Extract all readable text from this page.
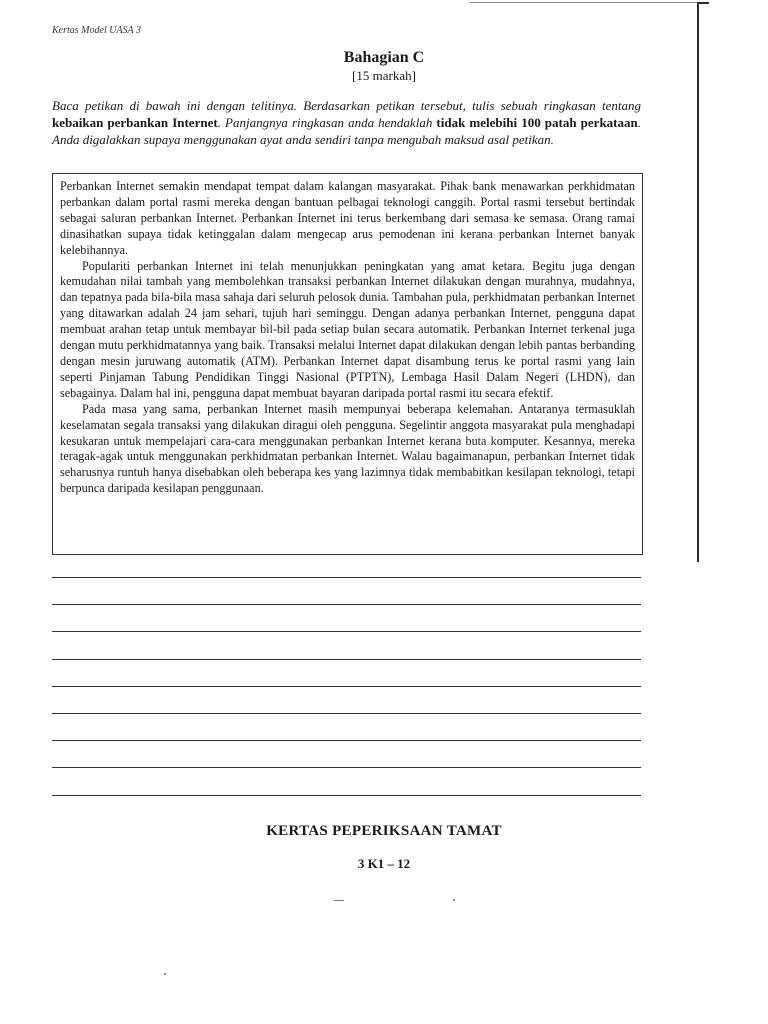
Kertas Model UASA 3
Bahagian C
[15 markah]
Baca petikan di bawah ini dengan telitinya. Berdasarkan petikan tersebut, tulis sebuah ringkasan tentang kebaikan perbankan Internet. Panjangnya ringkasan anda hendaklah tidak melebihi 100 patah perkataan. Anda digalakkan supaya menggunakan ayat anda sendiri tanpa mengubah maksud asal petikan.

Perbankan Internet semakin mendapat tempat dalam kalangan masyarakat. Pihak bank menawarkan perkhidmatan perbankan dalam portal rasmi mereka dengan bantuan pelbagai teknologi canggih. Portal rasmi tersebut bertindak sebagai saluran perbankan Internet. Perbankan Internet ini terus berkembang dari semasa ke semasa. Orang ramai dinasihatkan supaya tidak ketinggalan dalam mengecap arus pemodenan ini kerana perbankan Internet banyak kelebihannya.

Populariti perbankan Internet ini telah menunjukkan peningkatan yang amat ketara. Begitu juga dengan kemudahan nilai tambah yang membolehkan transaksi perbankan Internet dilakukan dengan murahnya, mudahnya, dan tepatnya pada bila-bila masa sahaja dari seluruh pelosok dunia. Tambahan pula, perkhidmatan perbankan Internet yang ditawarkan adalah 24 jam sehari, tujuh hari seminggu. Dengan adanya perbankan Internet, pengguna dapat membuat arahan tetap untuk membayar bil-bil pada setiap bulan secara automatik. Perbankan Internet terkenal juga dengan mutu perkhidmatannya yang baik. Transaksi melalui Internet dapat dilakukan dengan lebih pantas berbanding dengan mesin juruwang automatik (ATM). Perbankan Internet dapat disambung terus ke portal rasmi yang lain seperti Pinjaman Tabung Pendidikan Tinggi Nasional (PTPTN), Lembaga Hasil Dalam Negeri (LHDN), dan sebagainya. Dalam hal ini, pengguna dapat membuat bayaran daripada portal rasmi itu secara efektif.

Pada masa yang sama, perbankan Internet masih mempunyai beberapa kelemahan. Antaranya termasuklah keselamatan segala transaksi yang dilakukan diragui oleh pengguna. Segelintir anggota masyarakat pula menghadapi kesukaran untuk mempelajari cara-cara menggunakan perbankan Internet kerana buta komputer. Kesannya, mereka teragak-agak untuk menggunakan perkhidmatan perbankan Internet. Walau bagaimanapun, perbankan Internet tidak seharusnya runtuh hanya disebabkan oleh beberapa kes yang lazimnya tidak membabitkan kesilapan teknologi, tetapi berpunca daripada kesilapan penggunaan.

KERTAS PEPERIKSAAN TAMAT
3 K1 – 12
